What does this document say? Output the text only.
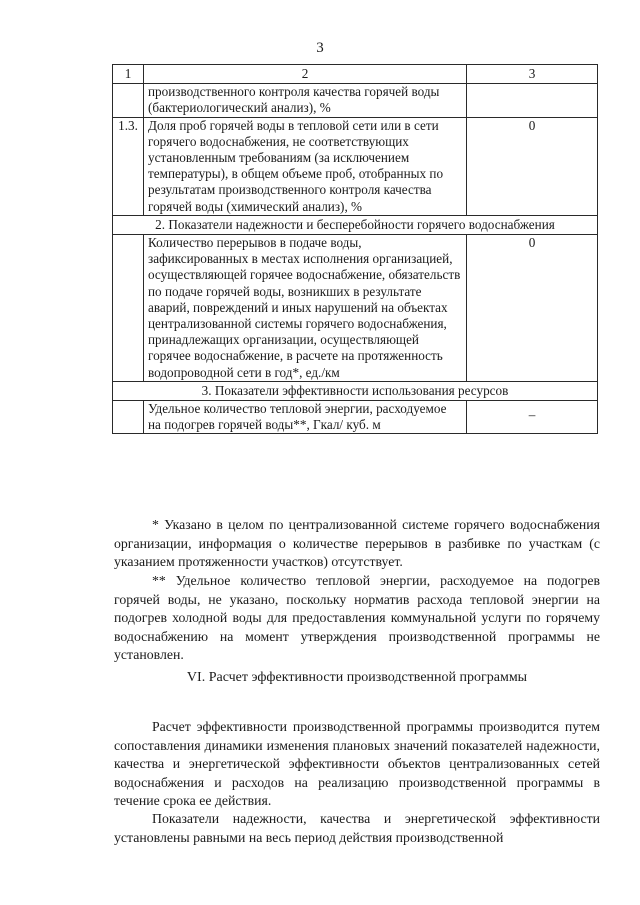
3
1	2	3
	производственного контроля качества горячей воды (бактериологический анализ), %	
1.3.	Доля проб горячей воды в тепловой сети или в сети горячего водоснабжения, не соответствующих установленным требованиям (за исключением температуры), в общем объеме проб, отобранных по результатам производственного контроля качества горячей воды (химический анализ), %	0
2. Показатели надежности и бесперебойности горячего водоснабжения		
	Количество перерывов в подаче воды, зафиксированных в местах исполнения организацией, осуществляющей горячее водоснабжение, обязательств по подаче горячей воды, возникших в результате аварий, повреждений и иных нарушений на объектах централизованной системы горячего водоснабжения, принадлежащих организации, осуществляющей горячее водоснабжение, в расчете на протяженность водопроводной сети в год*, ед./км	0
3. Показатели эффективности использования ресурсов		
	Удельное количество тепловой энергии, расходуемое на подогрев горячей воды**, Гкал/ куб. м	–
* Указано в целом по централизованной системе горячего водоснабжения организации, информация о количестве перерывов в разбивке по участкам (с указанием протяженности участков) отсутствует.
** Удельное количество тепловой энергии, расходуемое на подогрев горячей воды, не указано, поскольку норматив расхода тепловой энергии на подогрев холодной воды для предоставления коммунальной услуги по горячему водоснабжению на момент утверждения производственной программы не установлен.
VI. Расчет эффективности производственной программы
Расчет эффективности производственной программы производится путем сопоставления динамики изменения плановых значений показателей надежности, качества и энергетической эффективности объектов централизованных сетей водоснабжения и расходов на реализацию производственной программы в течение срока ее действия.
Показатели надежности, качества и энергетической эффективности установлены равными на весь период действия производственной
